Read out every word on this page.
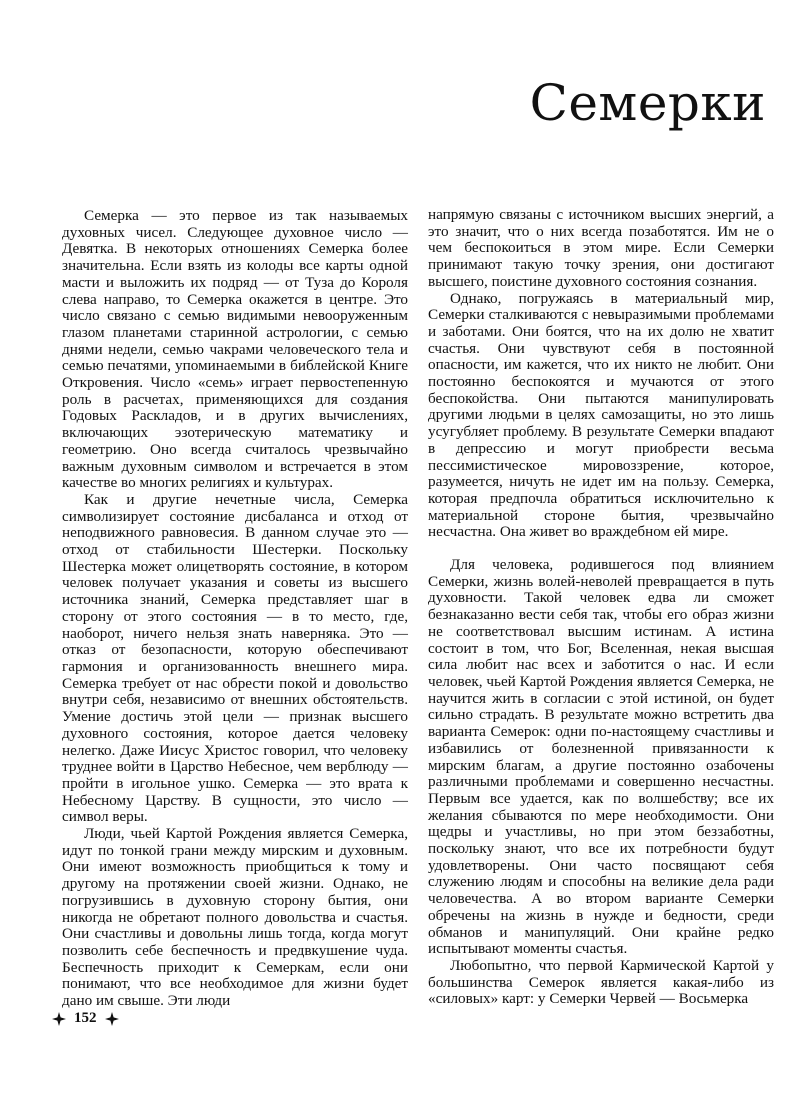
Семерки

Семерка — это первое из так называемых духовных чисел. Следующее духовное число — Девятка. В некоторых отношениях Семерка более значительна. Если взять из колоды все карты одной масти и выложить их подряд — от Туза до Короля слева направо, то Семерка окажется в центре. Это число связано с семью видимыми невооруженным глазом планетами старинной астрологии, с семью днями недели, семью чакрами человеческого тела и семью печатями, упоминаемыми в библейской Книге Откровения. Число «семь» играет первостепенную роль в расчетах, применяющихся для создания Годовых Раскладов, и в других вычислениях, включающих эзотерическую математику и геометрию. Оно всегда считалось чрезвычайно важным духовным символом и встречается в этом качестве во многих религиях и культурах.

Как и другие нечетные числа, Семерка символизирует состояние дисбаланса и отход от неподвижного равновесия. В данном случае это — отход от стабильности Шестерки. Поскольку Шестерка может олицетворять состояние, в котором человек получает указания и советы из высшего источника знаний, Семерка представляет шаг в сторону от этого состояния — в то место, где, наоборот, ничего нельзя знать наверняка. Это — отказ от безопасности, которую обеспечивают гармония и организованность внешнего мира. Семерка требует от нас обрести покой и довольство внутри себя, независимо от внешних обстоятельств. Умение достичь этой цели — признак высшего духовного состояния, которое дается человеку нелегко. Даже Иисус Христос говорил, что человеку труднее войти в Царство Небесное, чем верблюду — пройти в игольное ушко. Семерка — это врата к Небесному Царству. В сущности, это число — символ веры.

Люди, чьей Картой Рождения является Семерка, идут по тонкой грани между мирским и духовным. Они имеют возможность приобщиться к тому и другому на протяжении своей жизни. Однако, не погрузившись в духовную сторону бытия, они никогда не обретают полного довольства и счастья. Они счастливы и довольны лишь тогда, когда могут позволить себе беспечность и предвкушение чуда. Беспечность приходит к Семеркам, если они понимают, что все необходимое для жизни будет дано им свыше. Эти люди

напрямую связаны с источником высших энергий, а это значит, что о них всегда позаботятся. Им не о чем беспокоиться в этом мире. Если Семерки принимают такую точку зрения, они достигают высшего, поистине духовного состояния сознания.

Однако, погружаясь в материальный мир, Семерки сталкиваются с невыразимыми проблемами и заботами. Они боятся, что на их долю не хватит счастья. Они чувствуют себя в постоянной опасности, им кажется, что их никто не любит. Они постоянно беспокоятся и мучаются от этого беспокойства. Они пытаются манипулировать другими людьми в целях самозащиты, но это лишь усугубляет проблему. В результате Семерки впадают в депрессию и могут приобрести весьма пессимистическое мировоззрение, которое, разумеется, ничуть не идет им на пользу. Семерка, которая предпочла обратиться исключительно к материальной стороне бытия, чрезвычайно несчастна. Она живет во враждебном ей мире.

Для человека, родившегося под влиянием Семерки, жизнь волей-неволей превращается в путь духовности. Такой человек едва ли сможет безнаказанно вести себя так, чтобы его образ жизни не соответствовал высшим истинам. А истина состоит в том, что Бог, Вселенная, некая высшая сила любит нас всех и заботится о нас. И если человек, чьей Картой Рождения является Семерка, не научится жить в согласии с этой истиной, он будет сильно страдать. В результате можно встретить два варианта Семерок: одни по-настоящему счастливы и избавились от болезненной привязанности к мирским благам, а другие постоянно озабочены различными проблемами и совершенно несчастны. Первым все удается, как по волшебству; все их желания сбываются по мере необходимости. Они щедры и участливы, но при этом беззаботны, поскольку знают, что все их потребности будут удовлетворены. Они часто посвящают себя служению людям и способны на великие дела ради человечества. А во втором варианте Семерки обречены на жизнь в нужде и бедности, среди обманов и манипуляций. Они крайне редко испытывают моменты счастья.

Любопытно, что первой Кармической Картой у большинства Семерок является какая-либо из «силовых» карт: у Семерки Червей — Восьмерка

152
